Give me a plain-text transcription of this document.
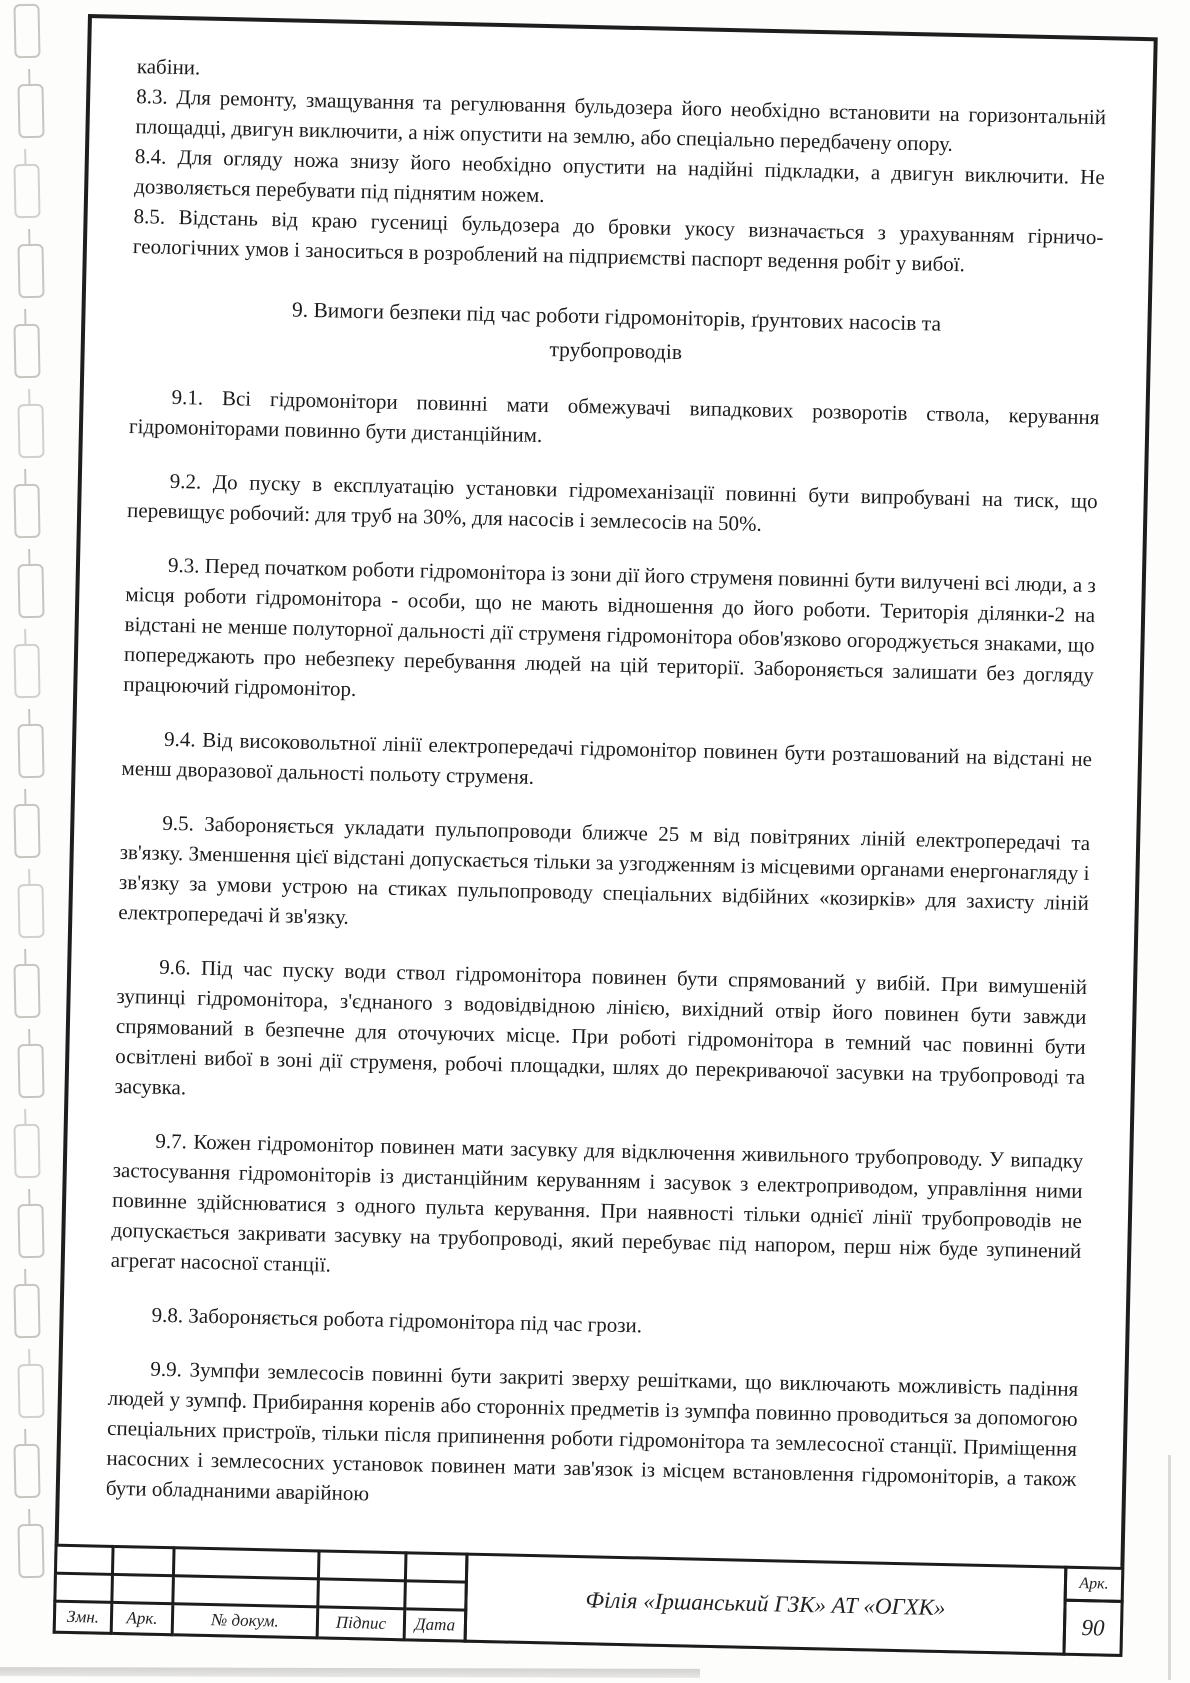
кабіни.

8.3. Для ремонту, змащування та регулювання бульдозера його необхідно встановити на горизонтальній площадці, двигун виключити, а ніж опустити на землю, або спеціально передбачену опору.

8.4. Для огляду ножа знизу його необхідно опустити на надійні підкладки, а двигун виключити. Не дозволяється перебувати під піднятим ножем.

8.5. Відстань від краю гусениці бульдозера до бровки укосу визначається з урахуванням гірничо-геологічних умов і заноситься в розроблений на підприємстві паспорт ведення робіт у вибої.

9. Вимоги безпеки під час роботи гідромоніторів, ґрунтових насосів та
трубопроводів

9.1. Всі гідромонітори повинні мати обмежувачі випадкових розворотів ствола, керування гідромоніторами повинно бути дистанційним.

9.2. До пуску в експлуатацію установки гідромеханізації повинні бути випробувані на тиск, що перевищує робочий: для труб на 30%, для насосів і землесосів на 50%.

9.3. Перед початком роботи гідромонітора із зони дії його струменя повинні бути вилучені всі люди, а з місця роботи гідромонітора - особи, що не мають відношення до його роботи. Територія ділянки-2 на відстані не менше полуторної дальності дії струменя гідромонітора обов'язково огороджується знаками, що попереджають про небезпеку перебування людей на цій території. Забороняється залишати без догляду працюючий гідромонітор.

9.4. Від високовольтної лінії електропередачі гідромонітор повинен бути розташований на відстані не менш дворазової дальності польоту струменя.

9.5. Забороняється укладати пульпопроводи ближче 25 м від повітряних ліній електропередачі та зв'язку. Зменшення цієї відстані допускається тільки за узгодженням із місцевими органами енергонагляду і зв'язку за умови устрою на стиках пульпопроводу спеціальних відбійних «козирків» для захисту ліній електропередачі й зв'язку.

9.6. Під час пуску води ствол гідромонітора повинен бути спрямований у вибій. При вимушеній зупинці гідромонітора, з'єднаного з водовідвідною лінією, вихідний отвір його повинен бути завжди спрямований в безпечне для оточуючих місце. При роботі гідромонітора в темний час повинні бути освітлені вибої в зоні дії струменя, робочі площадки, шлях до перекриваючої засувки на трубопроводі та засувка.

9.7. Кожен гідромонітор повинен мати засувку для відключення живильного трубопроводу. У випадку застосування гідромоніторів із дистанційним керуванням і засувок з електроприводом, управління ними повинне здійснюватися з одного пульта керування. При наявності тільки однієї лінії трубопроводів не допускається закривати засувку на трубопроводі, який перебуває під напором, перш ніж буде зупинений агрегат насосної станції.

9.8. Забороняється робота гідромонітора під час грози.

9.9. Зумпфи землесосів повинні бути закриті зверху решітками, що виключають можливість падіння людей у зумпф. Прибирання коренів або сторонніх предметів із зумпфа повинно проводиться за допомогою спеціальних пристроїв, тільки після припинення роботи гідромонітора та землесосної станції. Приміщення насосних і землесосних установок повинен мати зав'язок із місцем встановлення гідромоніторів, а також бути обладнаними аварійною

Змн.	Арк.	№ докум.	Підпис	Дата
Філія «Іршанський ГЗК» АТ «ОГХК»
Арк.
90
